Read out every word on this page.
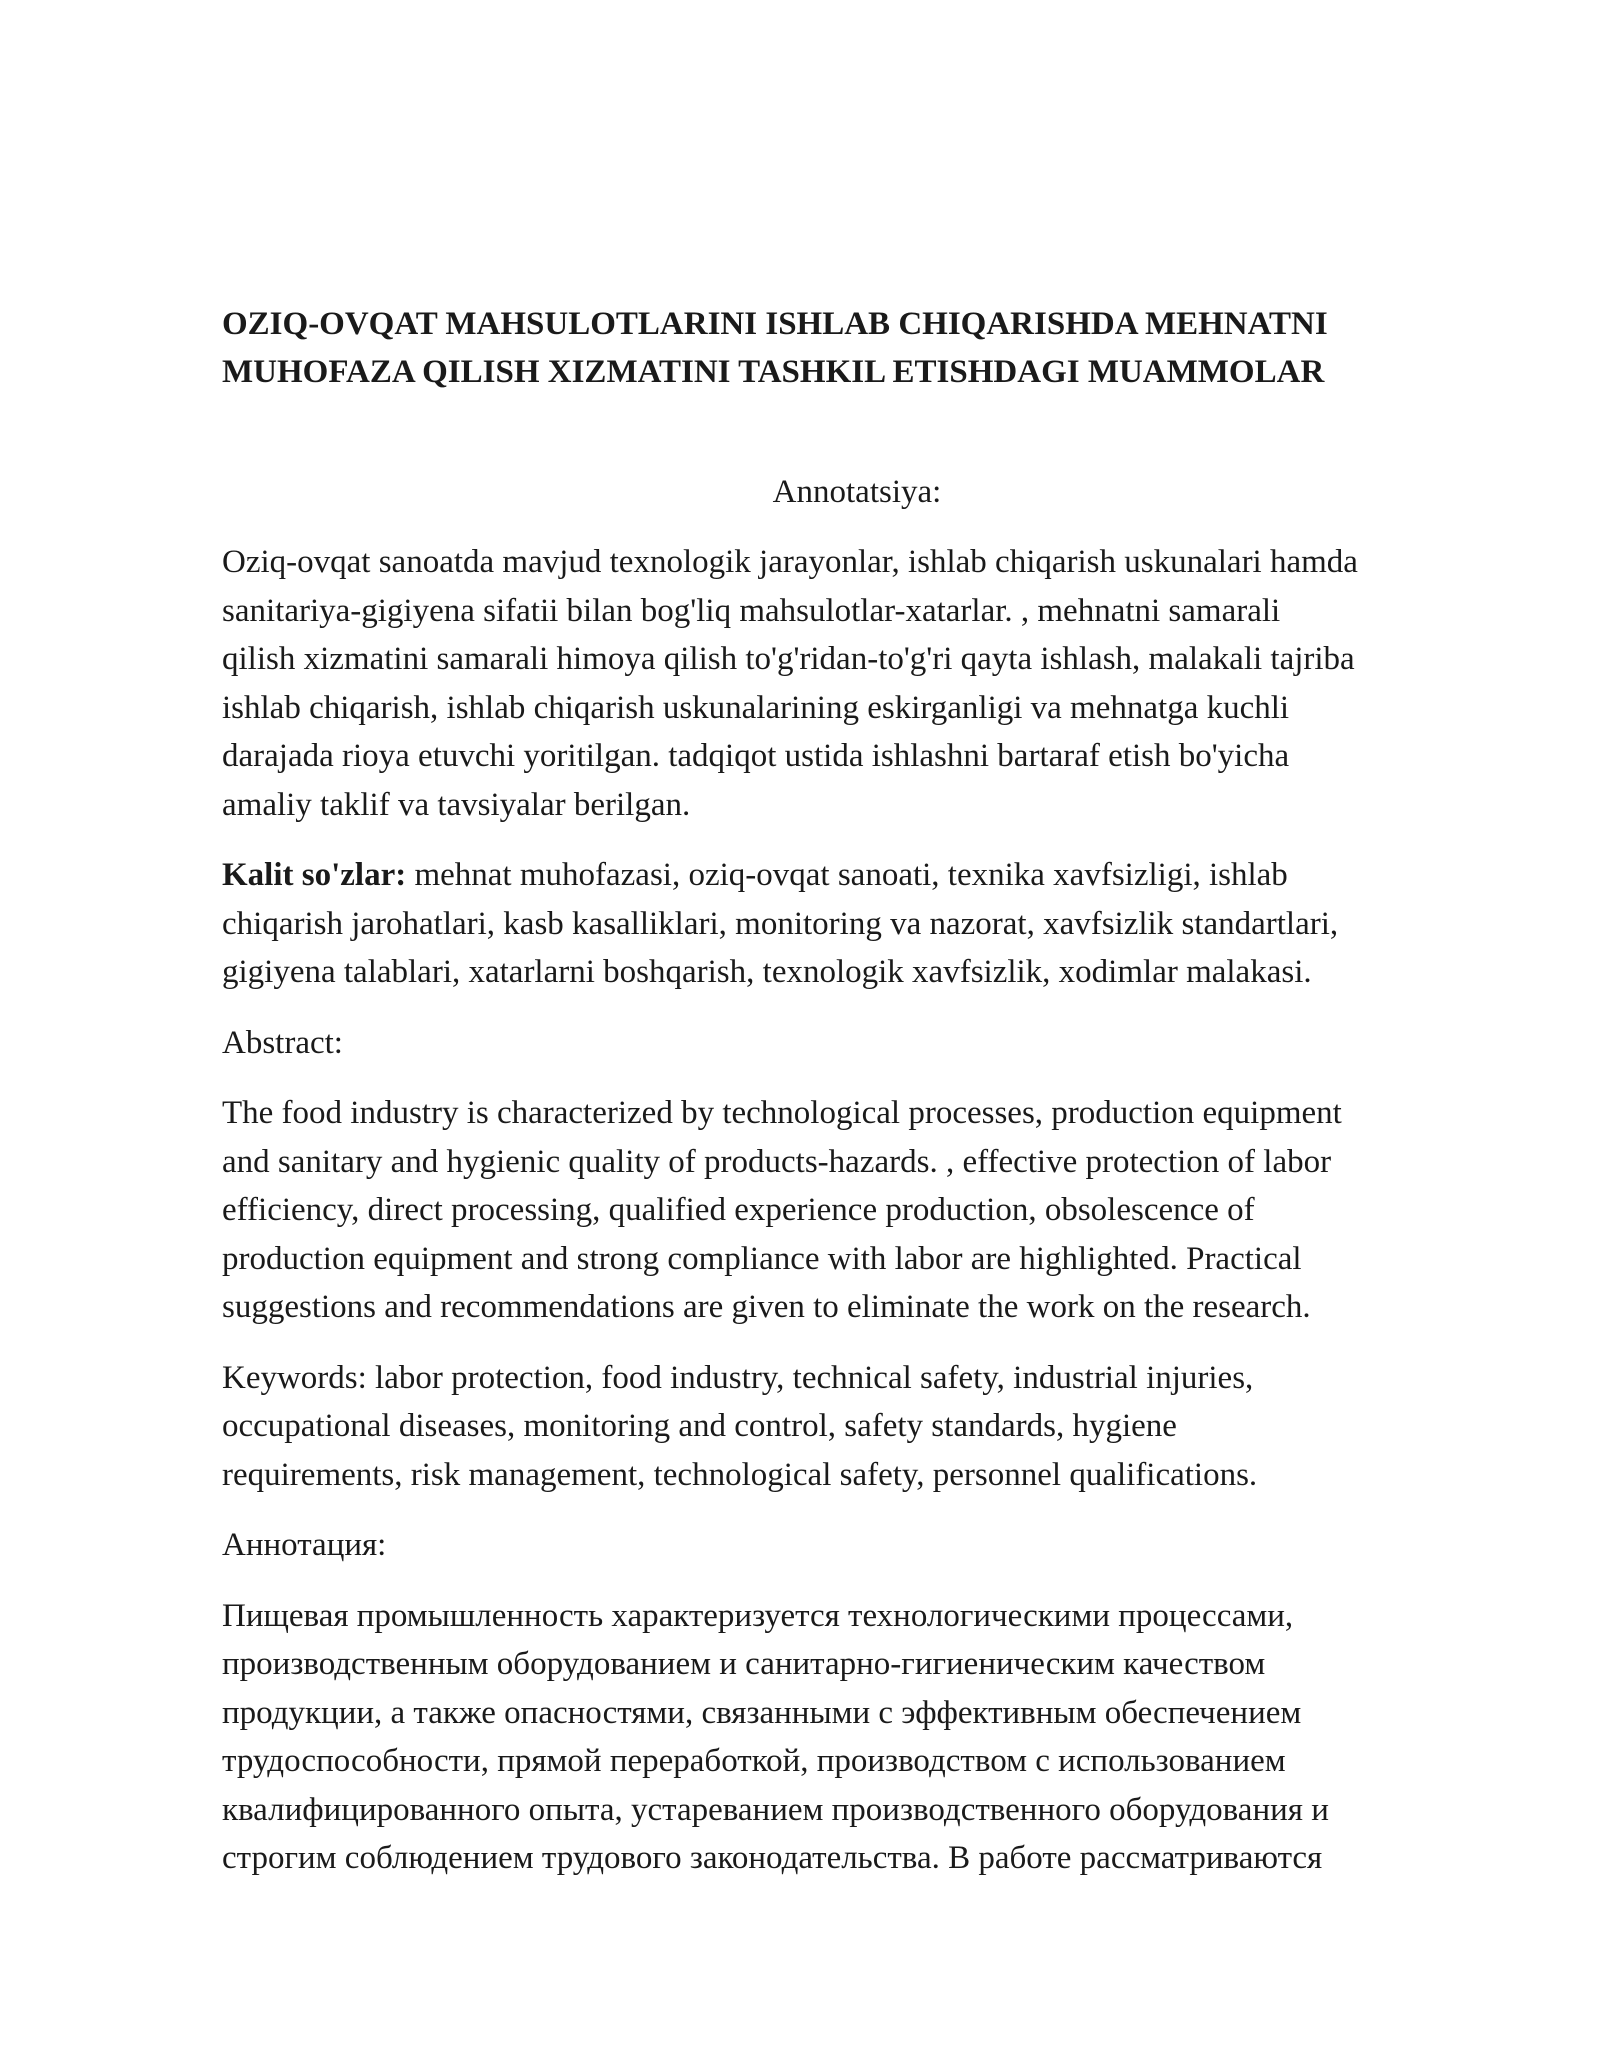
OZIQ-OVQAT MAHSULOTLARINI ISHLAB CHIQARISHDA MEHNATNI
MUHOFAZA QILISH XIZMATINI TASHKIL ETISHDAGI MUAMMOLAR
Annotatsiya:

Oziq-ovqat sanoatda mavjud texnologik jarayonlar, ishlab chiqarish uskunalari hamda
sanitariya-gigiyena sifatii bilan bog'liq mahsulotlar-xatarlar. , mehnatni samarali
qilish xizmatini samarali himoya qilish to'g'ridan-to'g'ri qayta ishlash, malakali tajriba
ishlab chiqarish, ishlab chiqarish uskunalarining eskirganligi va mehnatga kuchli
darajada rioya etuvchi yoritilgan. tadqiqot ustida ishlashni bartaraf etish bo'yicha
amaliy taklif va tavsiyalar berilgan.

Kalit so'zlar: mehnat muhofazasi, oziq-ovqat sanoati, texnika xavfsizligi, ishlab
chiqarish jarohatlari, kasb kasalliklari, monitoring va nazorat, xavfsizlik standartlari,
gigiyena talablari, xatarlarni boshqarish, texnologik xavfsizlik, xodimlar malakasi.

Abstract:

The food industry is characterized by technological processes, production equipment
and sanitary and hygienic quality of products-hazards. , effective protection of labor
efficiency, direct processing, qualified experience production, obsolescence of
production equipment and strong compliance with labor are highlighted. Practical
suggestions and recommendations are given to eliminate the work on the research.

Keywords: labor protection, food industry, technical safety, industrial injuries,
occupational diseases, monitoring and control, safety standards, hygiene
requirements, risk management, technological safety, personnel qualifications.

Аннотация:

Пищевая промышленность характеризуется технологическими процессами,
производственным оборудованием и санитарно-гигиеническим качеством
продукции, а также опасностями, связанными с эффективным обеспечением
трудоспособности, прямой переработкой, производством с использованием
квалифицированного опыта, устареванием производственного оборудования и
строгим соблюдением трудового законодательства. В работе рассматриваются
